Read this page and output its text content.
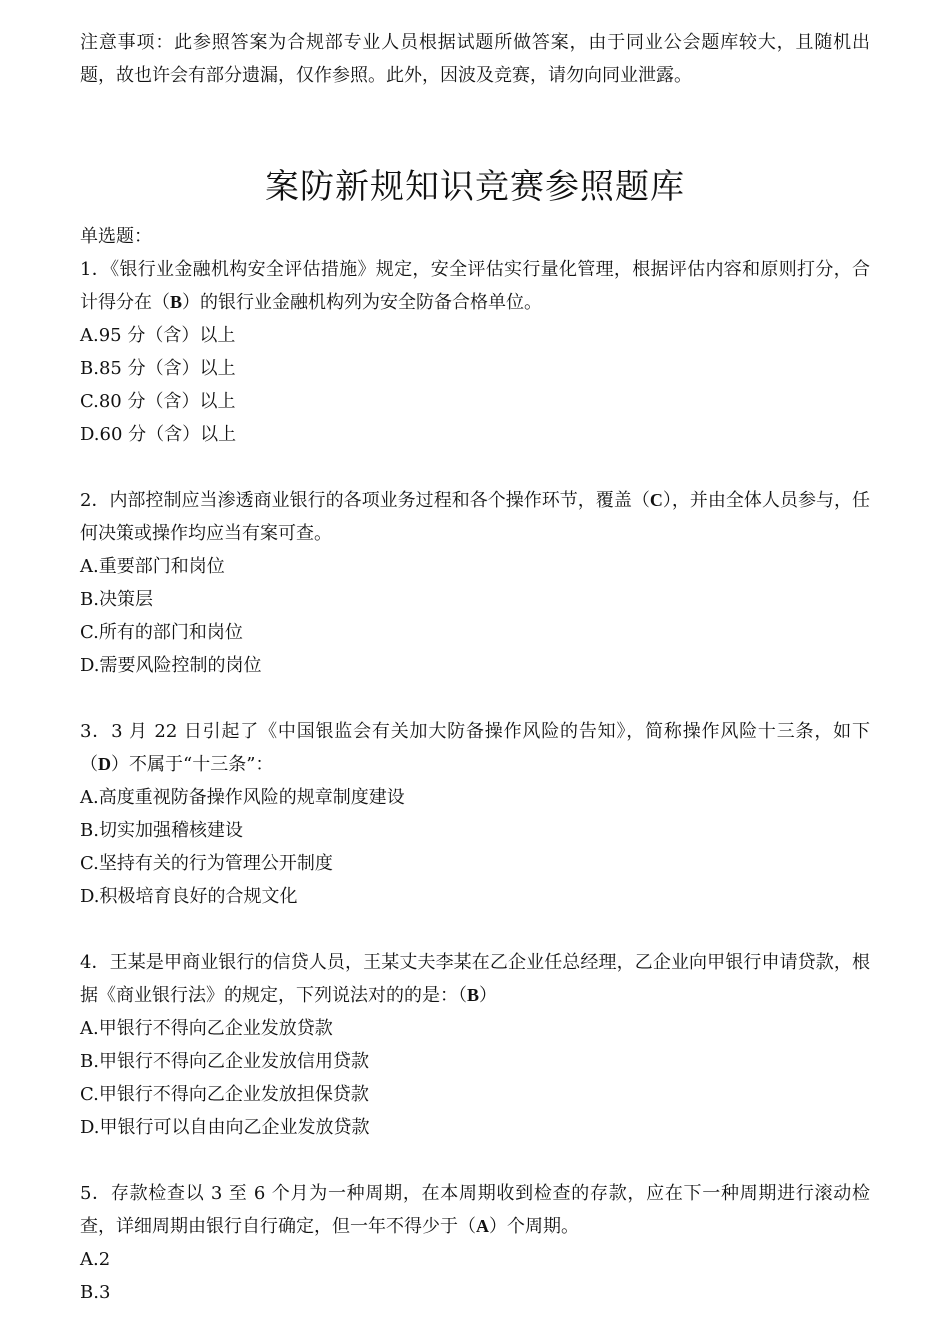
注意事项：此参照答案为合规部专业人员根据试题所做答案，由于同业公会题库较大，且随机出题，故也许会有部分遗漏，仅作参照。此外，因波及竞赛，请勿向同业泄露。

案防新规知识竞赛参照题库

单选题：

1．《银行业金融机构安全评估措施》规定，安全评估实行量化管理，根据评估内容和原则打分，合计得分在（B）的银行业金融机构列为安全防备合格单位。

A.95 分（含）以上

B.85 分（含）以上

C.80 分（含）以上

D.60 分（含）以上

2．内部控制应当渗透商业银行的各项业务过程和各个操作环节，覆盖（C），并由全体人员参与，任何决策或操作均应当有案可查。

A.重要部门和岗位

B.决策层

C.所有的部门和岗位

D.需要风险控制的岗位

3．3 月 22 日引起了《中国银监会有关加大防备操作风险的告知》，简称操作风险十三条，如下（D）不属于“十三条”：

A.高度重视防备操作风险的规章制度建设

B.切实加强稽核建设

C.坚持有关的行为管理公开制度

D.积极培育良好的合规文化

4．王某是甲商业银行的信贷人员，王某丈夫李某在乙企业任总经理，乙企业向甲银行申请贷款，根据《商业银行法》的规定，下列说法对的的是：（B）

A.甲银行不得向乙企业发放贷款

B.甲银行不得向乙企业发放信用贷款

C.甲银行不得向乙企业发放担保贷款

D.甲银行可以自由向乙企业发放贷款

5．存款检查以 3 至 6 个月为一种周期，在本周期收到检查的存款，应在下一种周期进行滚动检查，详细周期由银行自行确定，但一年不得少于（A）个周期。

A.2

B.3
